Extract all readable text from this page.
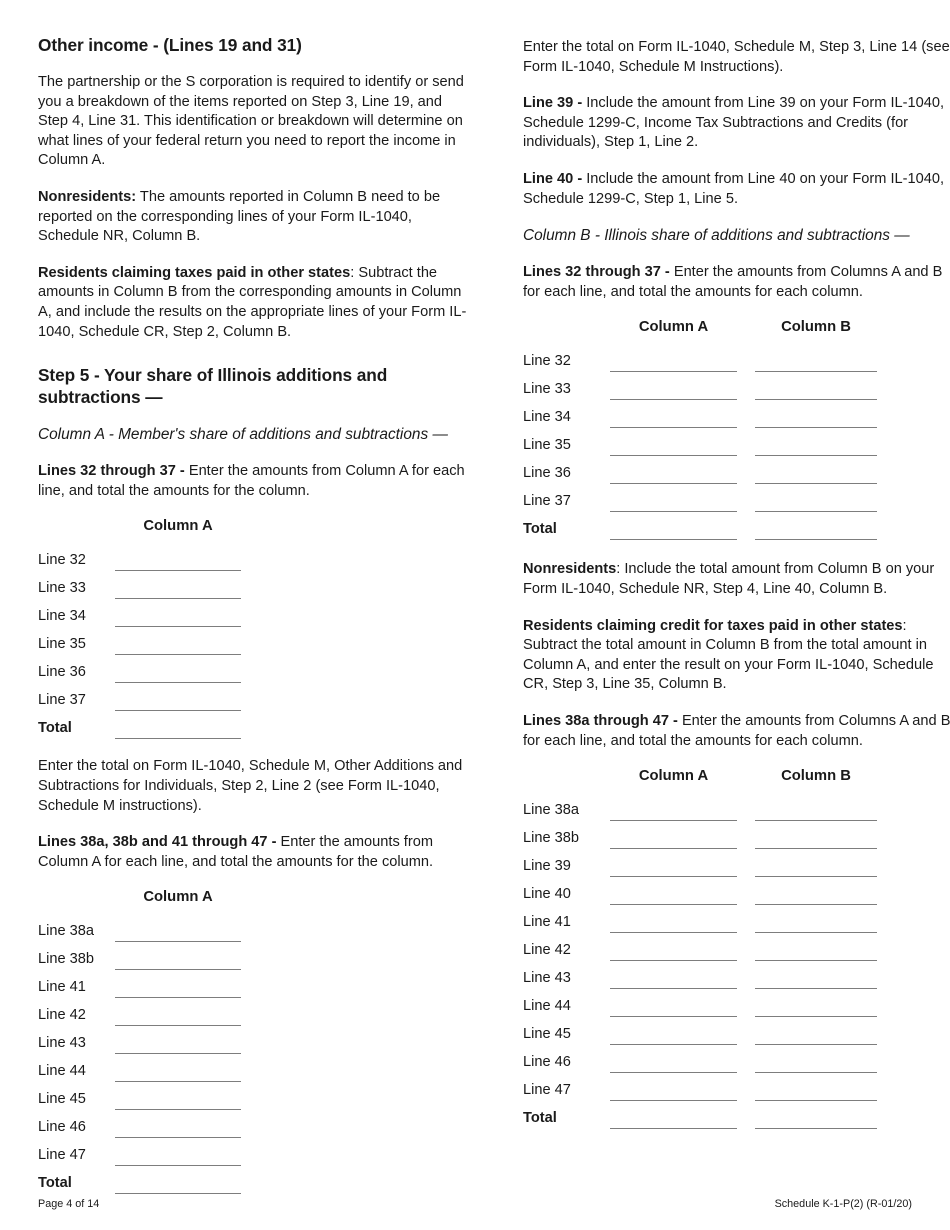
Other income - (Lines 19 and 31)

The partnership or the S corporation is required to identify or send you a breakdown of the items reported on Step 3, Line 19, and Step 4, Line 31. This identification or breakdown will determine on what lines of your federal return you need to report the income in Column A.

Nonresidents: The amounts reported in Column B need to be reported on the corresponding lines of your Form IL-1040, Schedule NR, Column B.

Residents claiming taxes paid in other states: Subtract the amounts in Column B from the corresponding amounts in Column A, and include the results on the appropriate lines of your Form IL-1040, Schedule CR, Step 2, Column B.

Step 5 - Your share of Illinois additions and subtractions —
Column A - Member's share of additions and subtractions —

Lines 32 through 37 - Enter the amounts from Column A for each line, and total the amounts for the column.

Column A
Line 32
Line 33
Line 34
Line 35
Line 36
Line 37
Total

Enter the total on Form IL-1040, Schedule M, Other Additions and Subtractions for Individuals, Step 2, Line 2 (see Form IL-1040, Schedule M instructions).

Lines 38a, 38b and 41 through 47 - Enter the amounts from Column A for each line, and total the amounts for the column.

Column A
Line 38a
Line 38b
Line 41
Line 42
Line 43
Line 44
Line 45
Line 46
Line 47
Total

Enter the total on Form IL-1040, Schedule M, Step 3, Line 14 (see Form IL-1040, Schedule M Instructions).

Line 39 - Include the amount from Line 39 on your Form IL-1040, Schedule 1299-C, Income Tax Subtractions and Credits (for individuals), Step 1, Line 2.

Line 40 - Include the amount from Line 40 on your Form IL-1040, Schedule 1299-C, Step 1, Line 5.

Column B - Illinois share of additions and subtractions —

Lines 32 through 37 - Enter the amounts from Columns A and B for each line, and total the amounts for each column.

Column A	Column B
Line 32
Line 33
Line 34
Line 35
Line 36
Line 37
Total

Nonresidents: Include the total amount from Column B on your Form IL-1040, Schedule NR, Step 4, Line 40, Column B.

Residents claiming credit for taxes paid in other states: Subtract the total amount in Column B from the total amount in Column A, and enter the result on your Form IL-1040, Schedule CR, Step 3, Line 35, Column B.

Lines 38a through 47 - Enter the amounts from Columns A and B for each line, and total the amounts for each column.

Column A	Column B
Line 38a
Line 38b
Line 39
Line 40
Line 41
Line 42
Line 43
Line 44
Line 45
Line 46
Line 47
Total
Page 4 of 14	Schedule K-1-P(2) (R-01/20)
